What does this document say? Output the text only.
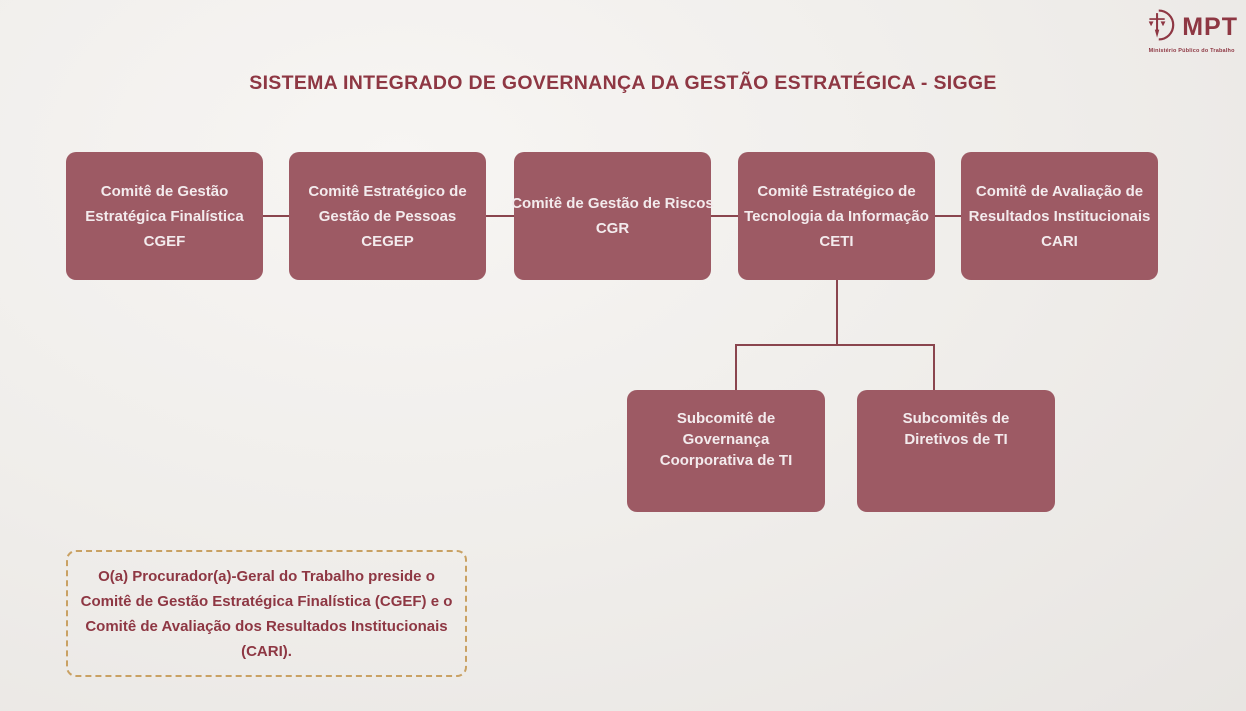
MPT
Ministério Público do Trabalho
SISTEMA INTEGRADO DE GOVERNANÇA DA GESTÃO ESTRATÉGICA - SIGGE
Comitê de Gestão
Estratégica Finalística
CGEF
Comitê Estratégico de
Gestão de Pessoas
CEGEP
Comitê de Gestão de Riscos
CGR
Comitê Estratégico de
Tecnologia da Informação
CETI
Comitê de Avaliação de
Resultados Institucionais
CARI
Subcomitê de
Governança
Coorporativa de TI
Subcomitês de
Diretivos de TI
O(a) Procurador(a)-Geral do Trabalho preside o
Comitê de Gestão Estratégica Finalística (CGEF) e o
Comitê de Avaliação dos Resultados Institucionais
(CARI).
